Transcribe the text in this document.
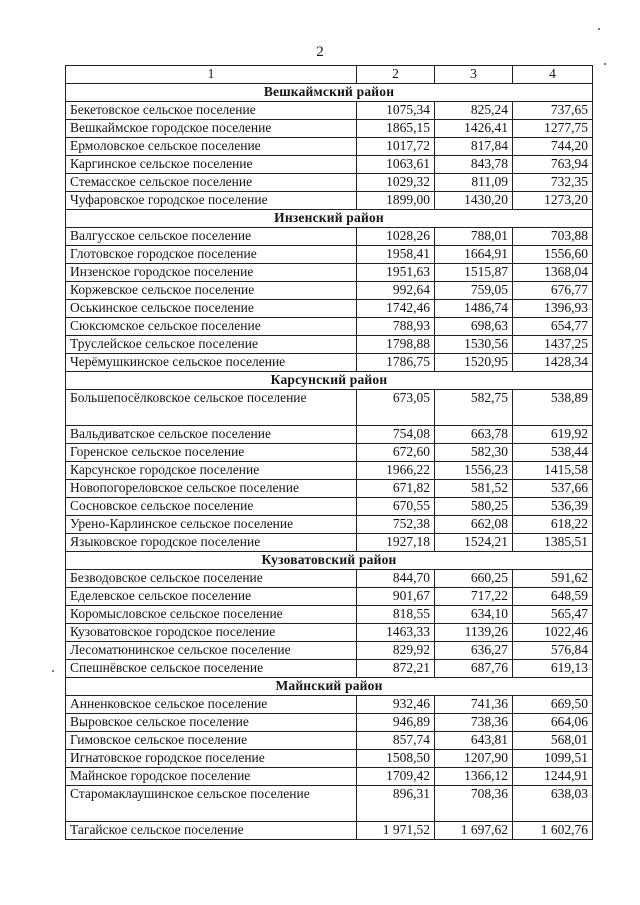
2
1	2	3	4
Вешкаймский район			
Бекетовское сельское поселение	1075,34	825,24	737,65
Вешкаймское городское поселение	1865,15	1426,41	1277,75
Ермоловское сельское поселение	1017,72	817,84	744,20
Каргинское сельское поселение	1063,61	843,78	763,94
Стемасское сельское поселение	1029,32	811,09	732,35
Чуфаровское городское поселение	1899,00	1430,20	1273,20
Инзенский район			
Валгусское сельское поселение	1028,26	788,01	703,88
Глотовское городское поселение	1958,41	1664,91	1556,60
Инзенское городское поселение	1951,63	1515,87	1368,04
Коржевское сельское поселение	992,64	759,05	676,77
Оськинское сельское поселение	1742,46	1486,74	1396,93
Сюксюмское сельское поселение	788,93	698,63	654,77
Труслейское сельское поселение	1798,88	1530,56	1437,25
Черёмушкинское сельское поселение	1786,75	1520,95	1428,34
Карсунский район			
Большепосёлковское сельское поселение	673,05	582,75	538,89
Вальдиватское сельское поселение	754,08	663,78	619,92
Горенское сельское поселение	672,60	582,30	538,44
Карсунское городское поселение	1966,22	1556,23	1415,58
Новопогореловское сельское поселение	671,82	581,52	537,66
Сосновское сельское поселение	670,55	580,25	536,39
Урено-Карлинское сельское поселение	752,38	662,08	618,22
Языковское городское поселение	1927,18	1524,21	1385,51
Кузоватовский район			
Безводовское сельское поселение	844,70	660,25	591,62
Еделевское сельское поселение	901,67	717,22	648,59
Коромысловское сельское поселение	818,55	634,10	565,47
Кузоватовское городское поселение	1463,33	1139,26	1022,46
Лесоматюнинское сельское поселение	829,92	636,27	576,84
Спешнёвское сельское поселение	872,21	687,76	619,13
Майнский район			
Анненковское сельское поселение	932,46	741,36	669,50
Выровское сельское поселение	946,89	738,36	664,06
Гимовское сельское поселение	857,74	643,81	568,01
Игнатовское городское поселение	1508,50	1207,90	1099,51
Майнское городское поселение	1709,42	1366,12	1244,91
Старомаклаушинское сельское поселение	896,31	708,36	638,03
Тагайское сельское поселение	1 971,52	1 697,62	1 602,76
